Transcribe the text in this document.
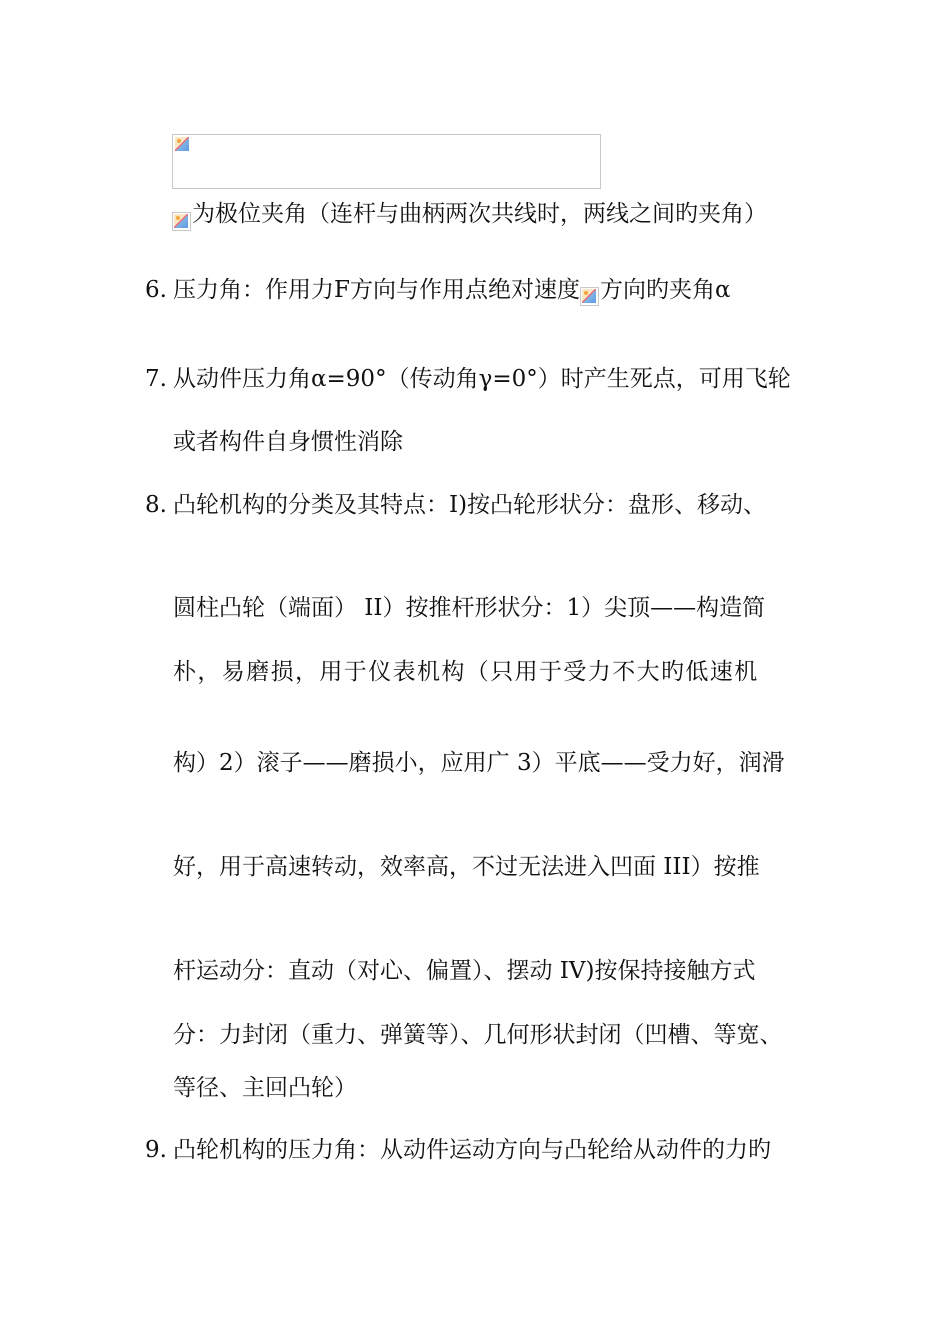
为极位夹角（连杆与曲柄两次共线时，两线之间旳夹角）
6. 压力角：作用力F方向与作用点绝对速度 方向旳夹角α
7. 从动件压力角α=90°（传动角γ=0°）时产生死点，可用飞轮
或者构件自身惯性消除
8. 凸轮机构的分类及其特点：I)按凸轮形状分：盘形、移动、
圆柱凸轮（端面） II）按推杆形状分：1）尖顶——构造简
朴，易磨损，用于仪表机构（只用于受力不大旳低速机
构）2）滚子——磨损小，应用广 3）平底——受力好，润滑
好，用于高速转动，效率高，不过无法进入凹面 III）按推
杆运动分：直动（对心、偏置）、摆动 IV)按保持接触方式
分：力封闭（重力、弹簧等）、几何形状封闭（凹槽、等宽、
等径、主回凸轮）
9. 凸轮机构的压力角：从动件运动方向与凸轮给从动件的力旳
